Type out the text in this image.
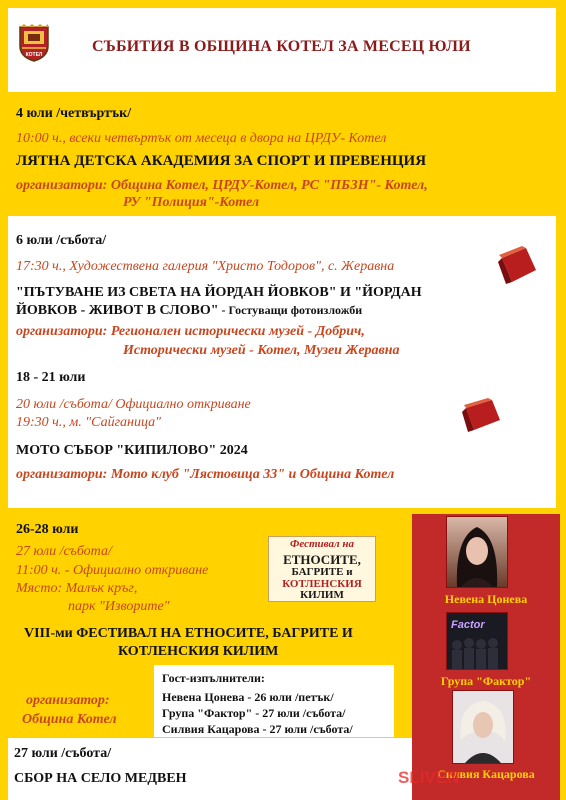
КОТЕЛ	СЪБИТИЯ В ОБЩИНА КОТЕЛ ЗА МЕСЕЦ ЮЛИ
4 юли /четвъртък/
10:00 ч., всеки четвъртък от месеца в двора на ЦРДУ- Котел
ЛЯТНА ДЕТСКА АКАДЕМИЯ ЗА СПОРТ И ПРЕВЕНЦИЯ
организатори: Община Котел, ЦРДУ-Котел, РС "ПБЗН"- Котел,
РУ "Полиция"-Котел
6 юли /събота/
17:30 ч., Художествена галерия "Христо Тодоров", с. Жеравна
"ПЪТУВАНЕ ИЗ СВЕТА НА ЙОРДАН ЙОВКОВ" И "ЙОРДАН
ЙОВКОВ - ЖИВОТ В СЛОВО" - Гостуващи фотоизложби
организатори: Регионален исторически музей - Добрич,
Исторически музей - Котел, Музеи Жеравна
18 - 21 юли
20 юли /събота/ Официално откриване
19:30 ч., м. "Сайганица"
МОТО СЪБОР "КИПИЛОВО" 2024
организатори: Мото клуб "Лястовица 33" и Община Котел
26-28 юли
27 юли /събота/
11:00 ч. - Официално откриване
Място: Малък кръг,
парк "Изворите"
Фестивал на
ЕТНОСИТЕ,
БАГРИТЕ и
КОТЛЕНСКИЯ
КИЛИМ
VIII-ми ФЕСТИВАЛ НА ЕТНОСИТЕ, БАГРИТЕ И
КОТЛЕНСКИЯ КИЛИМ
организатор:
Община Котел
Гост-изпълнители:
Невена Цонева - 26 юли /петък/
Група "Фактор" - 27 юли /събота/
Силвия Кацарова - 27 юли /събота/
Невена Цонева
Factor
Група "Фактор"
Силвия Кацарова
27 юли /събота/
СБОР НА СЕЛО МЕДВЕН	SLIVEN
